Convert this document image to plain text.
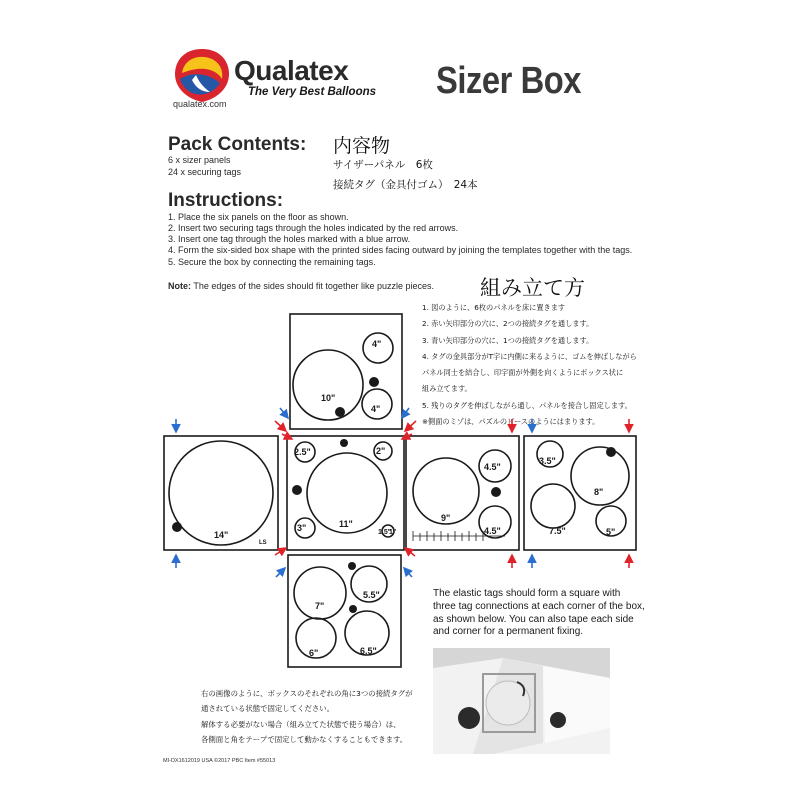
Qualatex
The Very Best Balloons
qualatex.com
Sizer Box
Pack Contents: 内容物
6 x sizer panels
24 x securing tags
サイザーパネル　6枚
接続タグ（金具付ゴム）　24本
Instructions:
1. Place the six panels on the floor as shown.
2. Insert two securing tags through the holes indicated by the red arrows.
3. Insert one tag through the holes marked with a blue arrow.
4. Form the six-sided box shape with the printed sides facing outward by joining the templates together with the tags.
5. Secure the box by connecting the remaining tags.
Note: The edges of the sides should fit together like puzzle pieces. 組み立て方
1. 図のように、6枚のパネルを床に置きます
2. 赤い矢印部分の穴に、2つの接続タグを通します。
3. 青い矢印部分の穴に、1つの接続タグを通します。
4. タグの金具部分がT字に内側に来るように、ゴムを伸ばしながら
パネル同士を結合し、印字面が外側を向くようにボックス状に
組み立てます。
5. 残りのタグを伸ばしながら通し、パネルを接合し固定します。
※側面のミゾは、パズルのピースのようにはまります。
10"
4"
4"
14"
LS
2.5"	2"
11"
3"	1.5"
1"
9"
4.5"
4.5"
3.5"
8"
7.5"	5"
7"
5.5"
6"	6.5"
The elastic tags should form a square with
three tag connections at each corner of the box,
as shown below. You can also tape each side
and corner for a permanent fixing.
右の画像のように、ボックスのそれぞれの角に3つの接続タグが
通されている状態で固定してください。
解体する必要がない場合（組み立てた状態で使う場合）は、
各側面と角をテープで固定して動かなくすることもできます。
MI-DX1612019 USA ©2017 PBC Item #55013
